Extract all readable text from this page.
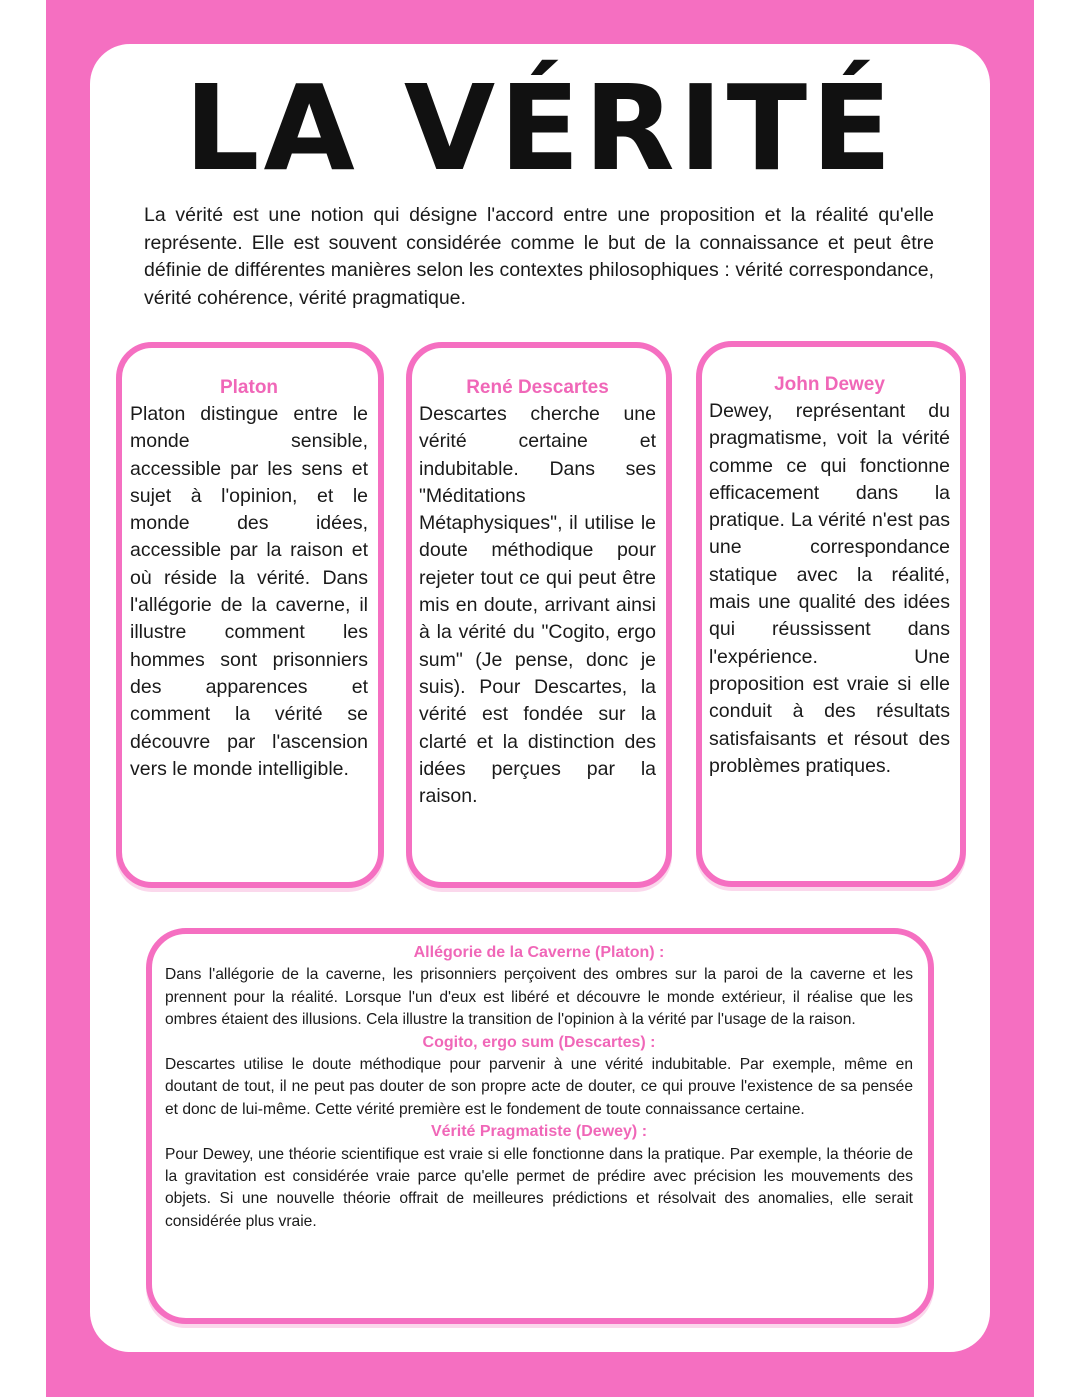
LA VÉRITÉ

La vérité est une notion qui désigne l'accord entre une proposition et la réalité qu'elle représente. Elle est souvent considérée comme le but de la connaissance et peut être définie de différentes manières selon les contextes philosophiques : vérité correspondance, vérité cohérence, vérité pragmatique.

Platon

Platon distingue entre le monde sensible, accessible par les sens et sujet à l'opinion, et le monde des idées, accessible par la raison et où réside la vérité. Dans l'allégorie de la caverne, il illustre comment les hommes sont prisonniers des apparences et comment la vérité se découvre par l'ascension vers le monde intelligible.

René Descartes

Descartes cherche une vérité certaine et indubitable. Dans ses "Méditations Métaphysiques", il utilise le doute méthodique pour rejeter tout ce qui peut être mis en doute, arrivant ainsi à la vérité du "Cogito, ergo sum" (Je pense, donc je suis). Pour Descartes, la vérité est fondée sur la clarté et la distinction des idées perçues par la raison.

John Dewey

Dewey, représentant du pragmatisme, voit la vérité comme ce qui fonctionne efficacement dans la pratique. La vérité n'est pas une correspondance statique avec la réalité, mais une qualité des idées qui réussissent dans l'expérience. Une proposition est vraie si elle conduit à des résultats satisfaisants et résout des problèmes pratiques.

Allégorie de la Caverne (Platon) :

Dans l'allégorie de la caverne, les prisonniers perçoivent des ombres sur la paroi de la caverne et les prennent pour la réalité. Lorsque l'un d'eux est libéré et découvre le monde extérieur, il réalise que les ombres étaient des illusions. Cela illustre la transition de l'opinion à la vérité par l'usage de la raison.

Cogito, ergo sum (Descartes) :

Descartes utilise le doute méthodique pour parvenir à une vérité indubitable. Par exemple, même en doutant de tout, il ne peut pas douter de son propre acte de douter, ce qui prouve l'existence de sa pensée et donc de lui-même. Cette vérité première est le fondement de toute connaissance certaine.

Vérité Pragmatiste (Dewey) :

Pour Dewey, une théorie scientifique est vraie si elle fonctionne dans la pratique. Par exemple, la théorie de la gravitation est considérée vraie parce qu'elle permet de prédire avec précision les mouvements des objets. Si une nouvelle théorie offrait de meilleures prédictions et résolvait des anomalies, elle serait considérée plus vraie.
